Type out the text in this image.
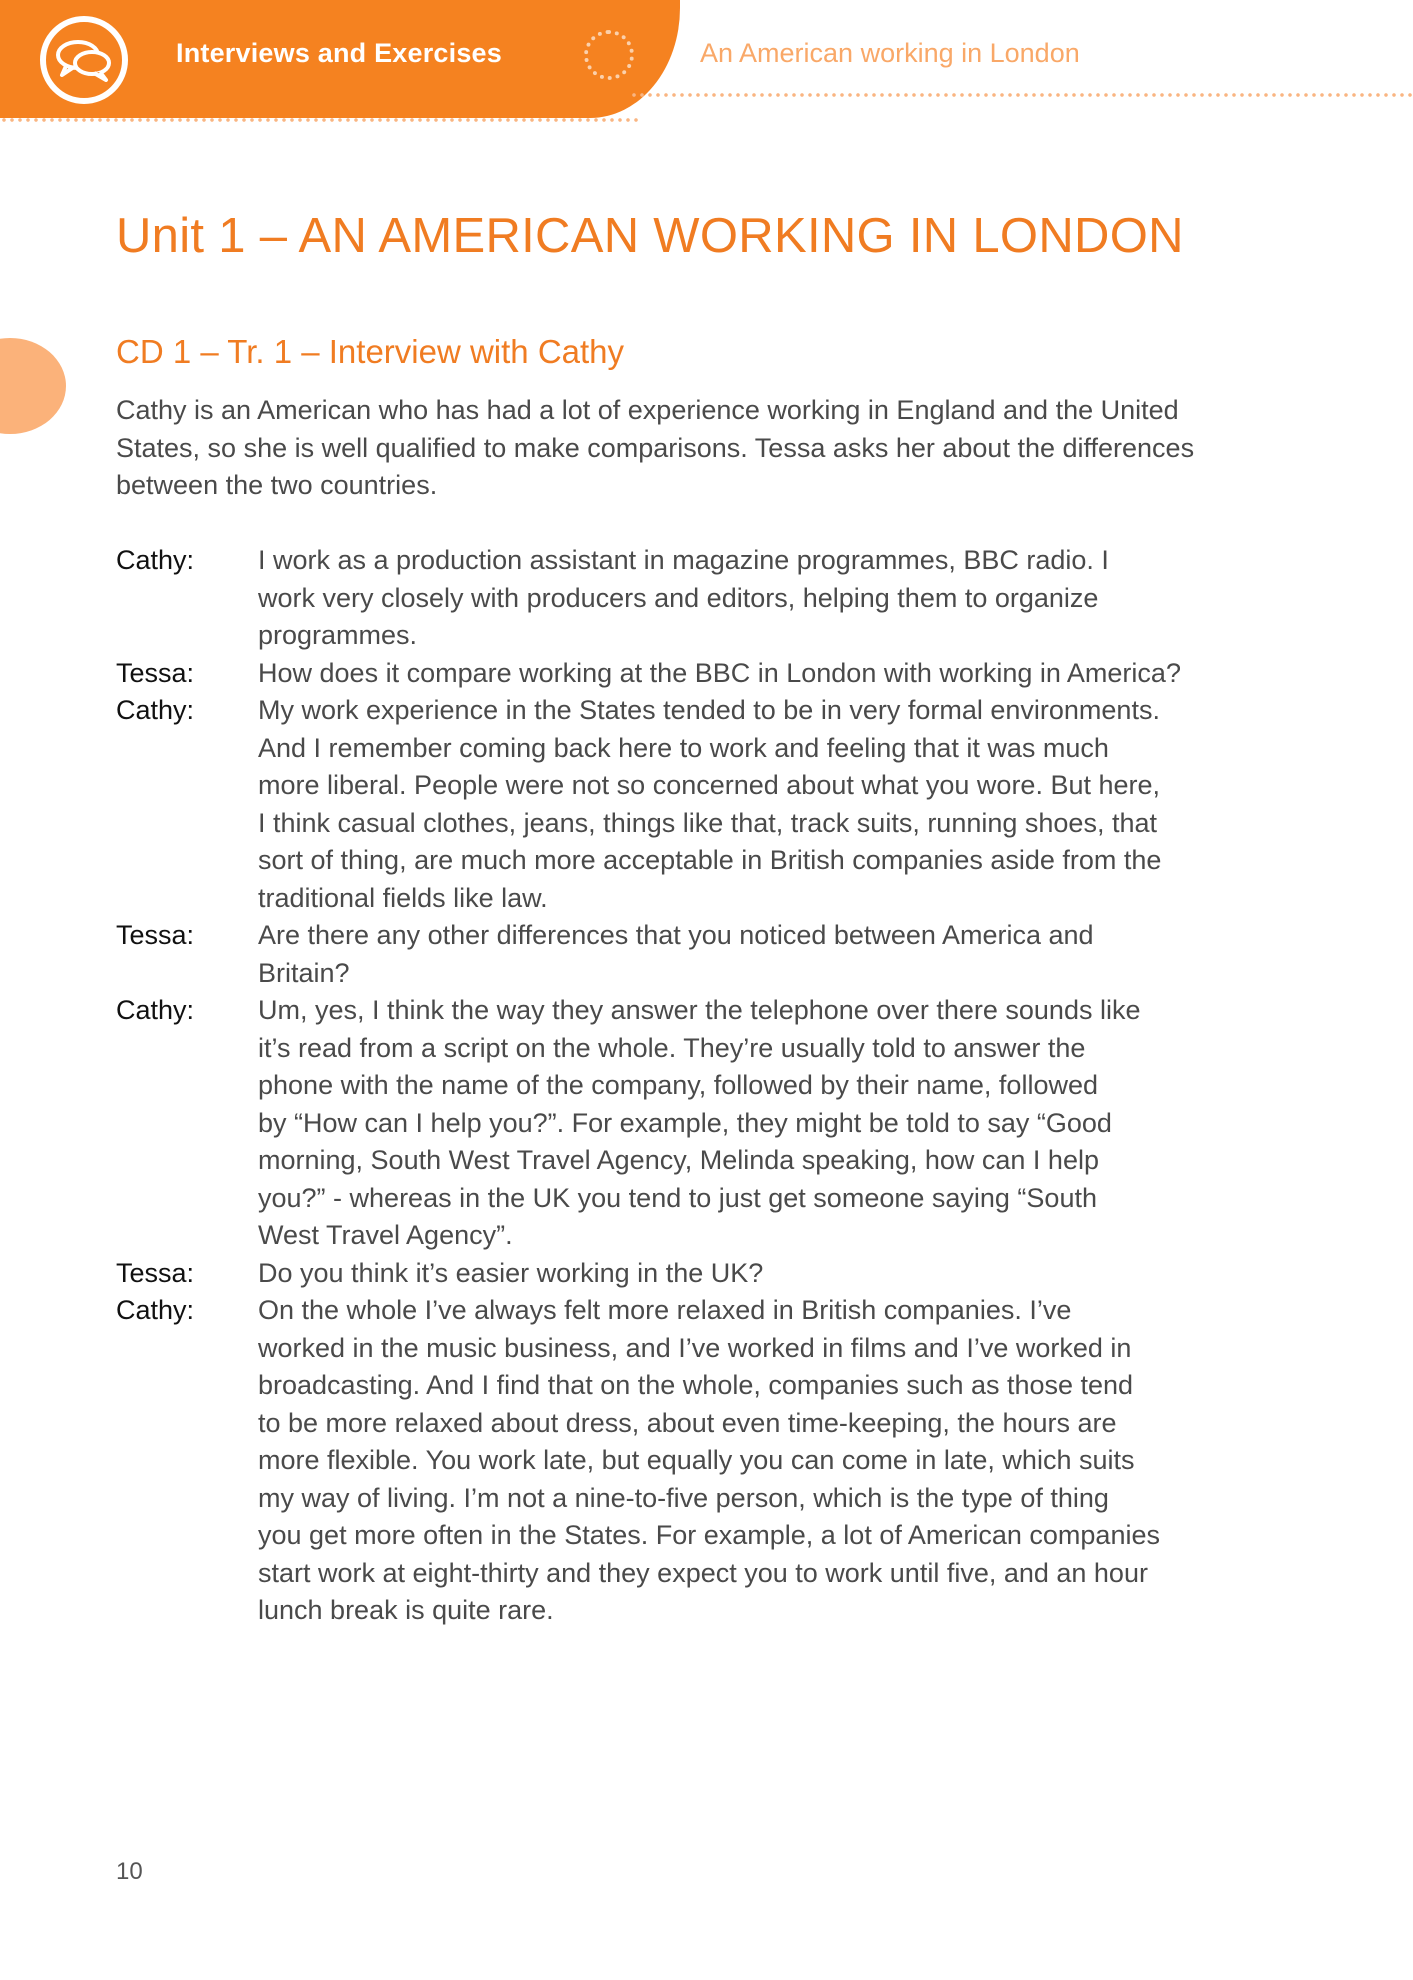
Interviews and Exercises	An American working in London
Unit 1 – AN AMERICAN WORKING IN LONDON
CD 1 – Tr. 1 – Interview with Cathy

Cathy is an American who has had a lot of experience working in England and the United States, so she is well qualified to make comparisons. Tessa asks her about the differences between the two countries.

Cathy:	I work as a production assistant in magazine programmes, BBC radio. I
work very closely with producers and editors, helping them to organize
programmes.
Tessa:	How does it compare working at the BBC in London with working in America?
Cathy:	My work experience in the States tended to be in very formal environments.
And I remember coming back here to work and feeling that it was much
more liberal. People were not so concerned about what you wore. But here,
I think casual clothes, jeans, things like that, track suits, running shoes, that
sort of thing, are much more acceptable in British companies aside from the
traditional fields like law.
Tessa:	Are there any other differences that you noticed between America and
Britain?
Cathy:	Um, yes, I think the way they answer the telephone over there sounds like
it’s read from a script on the whole. They’re usually told to answer the
phone with the name of the company, followed by their name, followed
by “How can I help you?”. For example, they might be told to say “Good
morning, South West Travel Agency, Melinda speaking, how can I help
you?” - whereas in the UK you tend to just get someone saying “South
West Travel Agency”.
Tessa:	Do you think it’s easier working in the UK?
Cathy:	On the whole I’ve always felt more relaxed in British companies. I’ve
worked in the music business, and I’ve worked in films and I’ve worked in
broadcasting. And I find that on the whole, companies such as those tend
to be more relaxed about dress, about even time-keeping, the hours are
more flexible. You work late, but equally you can come in late, which suits
my way of living. I’m not a nine-to-five person, which is the type of thing
you get more often in the States. For example, a lot of American companies
start work at eight-thirty and they expect you to work until five, and an hour
lunch break is quite rare.
10
